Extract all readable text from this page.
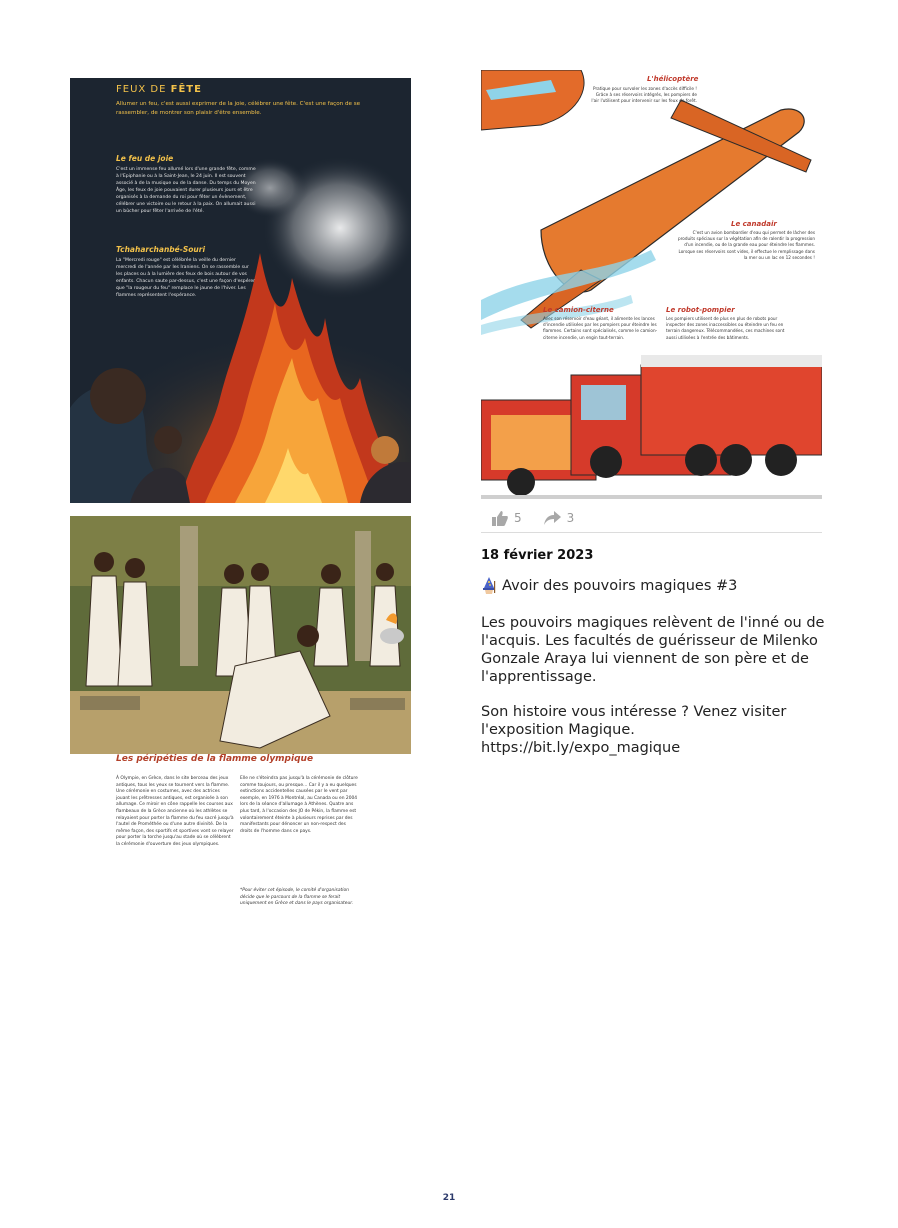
FEUX DE FÊTE
Allumer un feu, c'est aussi exprimer de la joie, célébrer une fête. C'est une façon de se rassembler, de montrer son plaisir d'être ensemble.
Le feu de joie
C'est un immense feu allumé lors d'une grande fête, comme à l'Epiphanie ou à la Saint-Jean, le 24 juin. Il est souvent associé à de la musique ou de la danse. Du temps du Moyen Âge, les feux de joie pouvaient durer plusieurs jours et être organisés à la demande du roi pour fêter un évènement, célébrer une victoire ou le retour à la paix. On allumait aussi un bûcher pour fêter l'arrivée de l'été.
Tchaharchanbé-Souri
La "Mercredi rouge" est célébrée la veille du dernier mercredi de l'année par les Iraniens. On se rassemble sur les places ou à la lumière des feux de bois autour de vos enfants. Chacun saute par-dessus, c'est une façon d'espérer que "la rougeur du feu" remplace le jaune de l'hiver. Les flammes représentent l'espérance.
Les péripéties de la flamme olympique
À Olympie, en Grèce, dans le site berceau des jeux antiques, tous les yeux se tournent vers la flamme. Une cérémonie en costumes, avec des actrices jouant les prêtresses antiques, est organisée à son allumage. Ce miroir en cône rappelle les courses aux flambeaux de la Grèce ancienne où les athlètes se relayaient pour porter la flamme du feu sacré jusqu'à l'autel de Prométhée ou d'une autre divinité. De la même façon, des sportifs et sportives vont se relayer pour porter la torche jusqu'au stade où se célèbrent la cérémonie d'ouverture des jeux olympiques.
Elle ne s'éteindra pas jusqu'à la cérémonie de clôture comme toujours, ou presque... Car il y a eu quelques extinctions accidentelles causées par le vent par exemple, en 1976 à Montréal, au Canada ou en 2004 lors de la séance d'allumage à Athènes. Quatre ans plus tard, à l'occasion des JO de Pékin, la flamme est volontairement éteinte à plusieurs reprises par des manifestants pour dénoncer un non-respect des droits de l'homme dans ce pays.
*Pour éviter cet épisode, le comité d'organisation décide que le parcours de la flamme se ferait uniquement en Grèce et dans le pays organisateur.
L'hélicoptère
Pratique pour survoler les zones d'accès difficile ! Grâce à ses réservoirs intégrés, les pompiers de l'air l'utilisent pour intervenir sur les feux de forêt.
Le canadair
C'est un avion bombardier d'eau qui permet de lâcher des produits spéciaux sur la végétation afin de ralentir la progression d'un incendie, ou de la grande eau pour éteindre les flammes. Lorsque ses réservoirs sont vides, il effectue le remplissage dans la mer ou un lac en 12 secondes !
Le camion-citerne
Avec son réservoir d'eau géant, il alimente les lances d'incendie utilisées par les pompiers pour éteindre les flammes. Certains sont spécialisés, comme le camion-citerne incendie, un engin tout-terrain.
Le robot-pompier
Les pompiers utilisent de plus en plus de robots pour inspecter des zones inaccessibles ou éteindre un feu en terrain dangereux. Télécommandées, ces machines sont aussi utilisées à l'entrée des bâtiments.
5	3
18 février 2023
Avoir des pouvoirs magiques #3

Les pouvoirs magiques relèvent de l'inné ou de l'acquis. Les facultés de guérisseur de Milenko Gonzale Araya lui viennent de son père et de l'apprentissage.

Son histoire vous intéresse ? Venez visiter l'exposition Magique. https://bit.ly/expo_magique

21
